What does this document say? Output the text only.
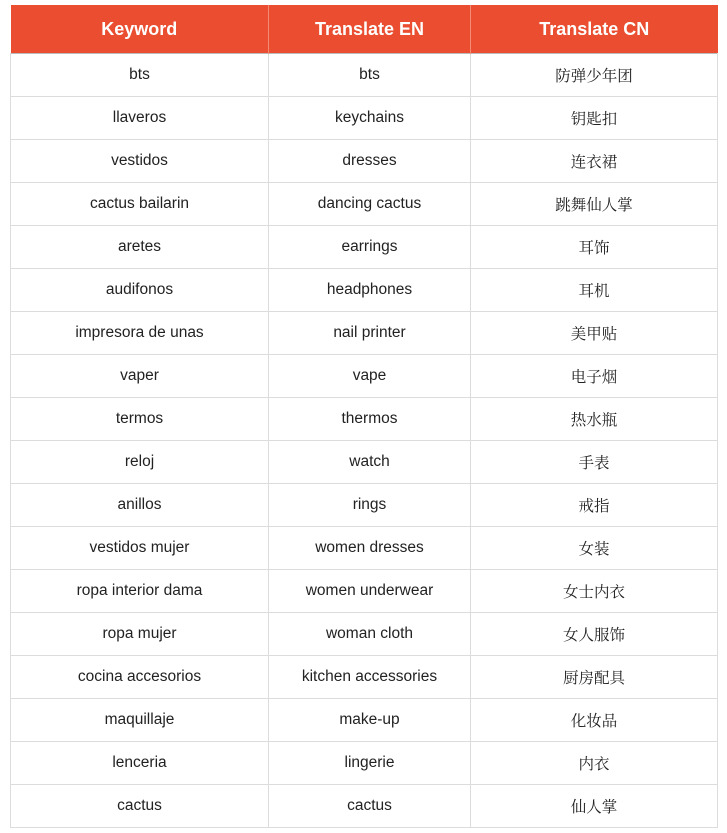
Keyword	Translate EN	Translate CN
bts	bts	防弹少年团
llaveros	keychains	钥匙扣
vestidos	dresses	连衣裙
cactus bailarin	dancing cactus	跳舞仙人掌
aretes	earrings	耳饰
audifonos	headphones	耳机
impresora de unas	nail printer	美甲贴
vaper	vape	电子烟
termos	thermos	热水瓶
reloj	watch	手表
anillos	rings	戒指
vestidos mujer	women dresses	女装
ropa interior dama	women underwear	女士内衣
ropa mujer	woman cloth	女人服饰
cocina accesorios	kitchen accessories	厨房配具
maquillaje	make-up	化妆品
lenceria	lingerie	内衣
cactus	cactus	仙人掌
